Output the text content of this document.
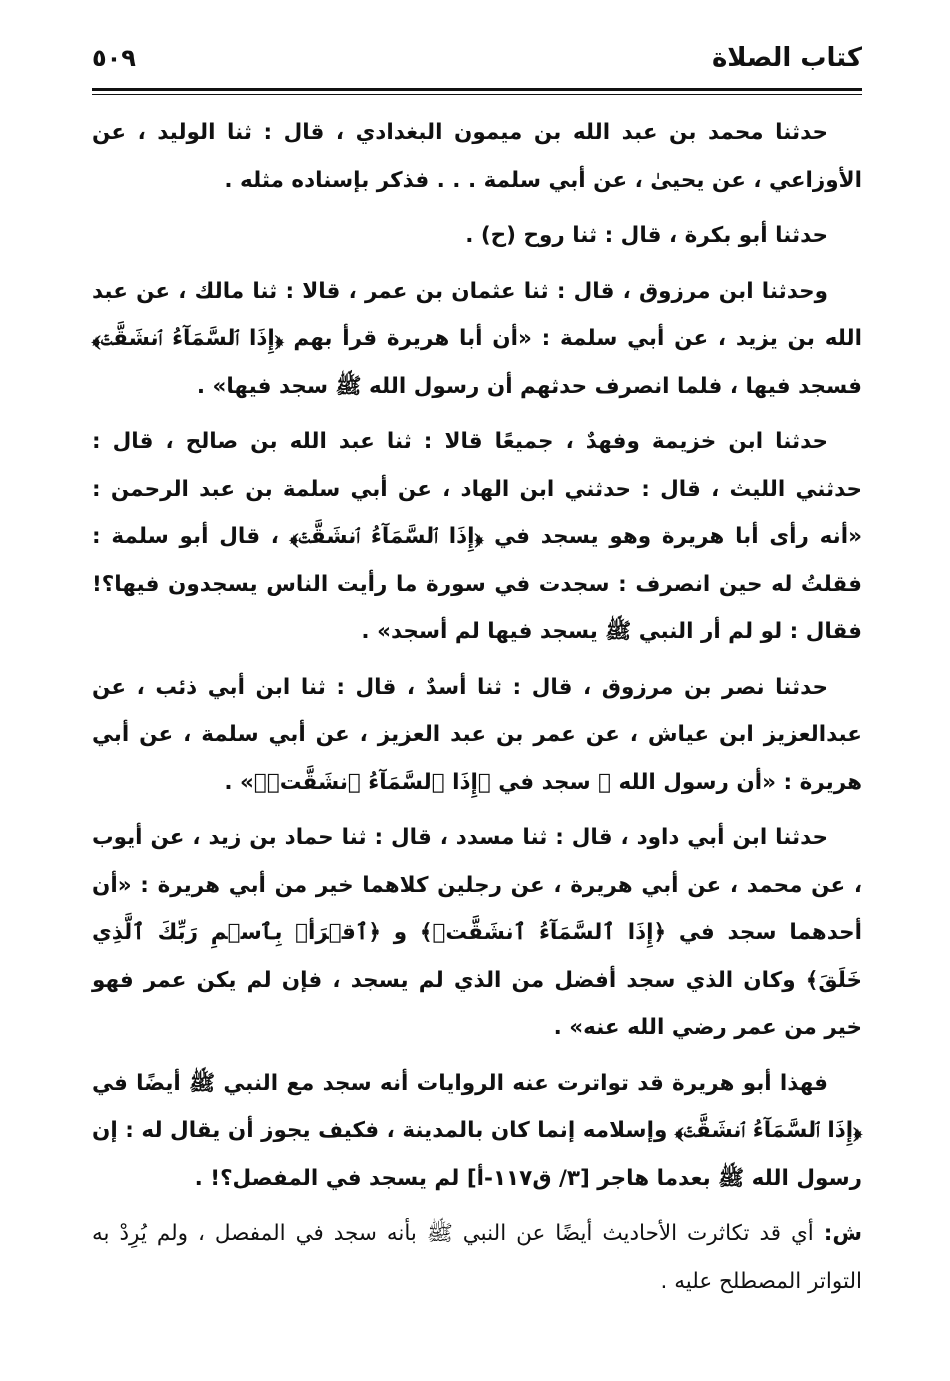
كتاب الصلاة
٥٠٩

حدثنا محمد بن عبد الله بن ميمون البغدادي ، قال : ثنا الوليد ، عن الأوزاعي ، عن يحيىٰ ، عن أبي سلمة . . . فذكر بإسناده مثله .

حدثنا أبو بكرة ، قال : ثنا روح (ح) .

وحدثنا ابن مرزوق ، قال : ثنا عثمان بن عمر ، قالا : ثنا مالك ، عن عبد الله بن يزيد ، عن أبي سلمة : «أن أبا هريرة قرأ بهم ﴿إِذَا ٱلسَّمَآءُ ٱنشَقَّتۡ﴾ فسجد فيها ، فلما انصرف حدثهم أن رسول الله ﷺ سجد فيها» .

حدثنا ابن خزيمة وفهدٌ ، جميعًا قالا : ثنا عبد الله بن صالح ، قال : حدثني الليث ، قال : حدثني ابن الهاد ، عن أبي سلمة بن عبد الرحمن : «أنه رأى أبا هريرة وهو يسجد في ﴿إِذَا ٱلسَّمَآءُ ٱنشَقَّتۡ﴾ ، قال أبو سلمة : فقلتُ له حين انصرف : سجدت في سورة ما رأيت الناس يسجدون فيها؟! فقال : لو لم أر النبي ﷺ يسجد فيها لم أسجد» .

حدثنا نصر بن مرزوق ، قال : ثنا أسدٌ ، قال : ثنا ابن أبي ذئب ، عن عبدالعزيز ابن عياش ، عن عمر بن عبد العزيز ، عن أبي سلمة ، عن أبي هريرة : «أن رسول الله ﷺ سجد في ﴿إِذَا ٱلسَّمَآءُ ٱنشَقَّتۡ﴾» .

حدثنا ابن أبي داود ، قال : ثنا مسدد ، قال : ثنا حماد بن زيد ، عن أيوب ، عن محمد ، عن أبي هريرة ، عن رجلين كلاهما خير من أبي هريرة : «أن أحدهما سجد في ﴿إِذَا ٱلسَّمَآءُ ٱنشَقَّتۡ﴾ و ﴿ٱقۡرَأۡ بِٱسۡمِ رَبِّكَ ٱلَّذِي خَلَقَ﴾ وكان الذي سجد أفضل من الذي لم يسجد ، فإن لم يكن عمر فهو خير من عمر رضي الله عنه» .

فهذا أبو هريرة قد تواترت عنه الروايات أنه سجد مع النبي ﷺ أيضًا في ﴿إِذَا ٱلسَّمَآءُ ٱنشَقَّتۡ﴾ وإسلامه إنما كان بالمدينة ، فكيف يجوز أن يقال له : إن رسول الله ﷺ بعدما هاجر [٣/ ق١١٧-أ] لم يسجد في المفصل؟! .

ش: أي قد تكاثرت الأحاديث أيضًا عن النبي ﷺ بأنه سجد في المفصل ، ولم يُرِدْ به التواتر المصطلح عليه .
